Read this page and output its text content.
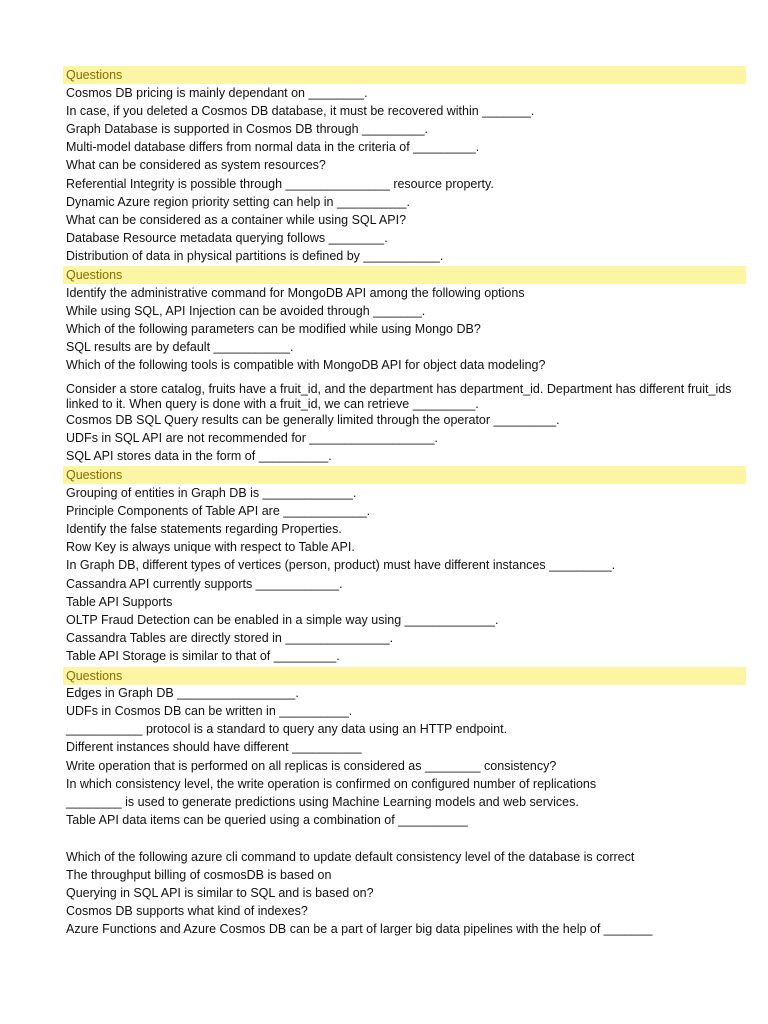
Questions
Cosmos DB pricing is mainly dependant on ________.
In case, if you deleted a Cosmos DB database, it must be recovered within _______.
Graph Database is supported in Cosmos DB through _________.
Multi-model database differs from normal data in the criteria of _________.
What can be considered as system resources?
Referential Integrity is possible through _______________ resource property.
Dynamic Azure region priority setting can help in __________.
What can be considered as a container while using SQL API?
Database Resource metadata querying follows ________.
Distribution of data in physical partitions is defined by ___________.
Questions
Identify the administrative command for MongoDB API among the following options
While using SQL, API Injection can be avoided through _______.
Which of the following parameters can be modified while using Mongo DB?
SQL results are by default ___________.
Which of the following tools is compatible with MongoDB API for object data modeling?
Consider a store catalog, fruits have a fruit_id, and the department has department_id. Department has different fruit_ids linked to it. When query is done with a fruit_id, we can retrieve _________.
Cosmos DB SQL Query results can be generally limited through the operator _________.
UDFs in SQL API are not recommended for __________________.
SQL API stores data in the form of __________.
Questions
Grouping of entities in Graph DB is _____________.
Principle Components of Table API are ____________.
Identify the false statements regarding Properties.
Row Key is always unique with respect to Table API.
In Graph DB, different types of vertices (person, product) must have different instances _________.
Cassandra API currently supports ____________.
Table API Supports
OLTP Fraud Detection can be enabled in a simple way using _____________.
Cassandra Tables are directly stored in _______________.
Table API Storage is similar to that of _________.
Questions
Edges in Graph DB _________________.
UDFs in Cosmos DB can be written in __________.
___________ protocol is a standard to query any data using an HTTP endpoint.
Different instances should have different __________
Write operation that is performed on all replicas is considered as ________ consistency?
In which consistency level, the write operation is confirmed on configured number of replications
________ is used to generate predictions using Machine Learning models and web services.
Table API data items can be queried using a combination of __________
Which of the following azure cli command to update default consistency level of the database is correct
The throughput billing of cosmosDB is based on
Querying in SQL API is similar to SQL and is based on?
Cosmos DB supports what kind of indexes?
Azure Functions and Azure Cosmos DB can be a part of larger big data pipelines with the help of _______
